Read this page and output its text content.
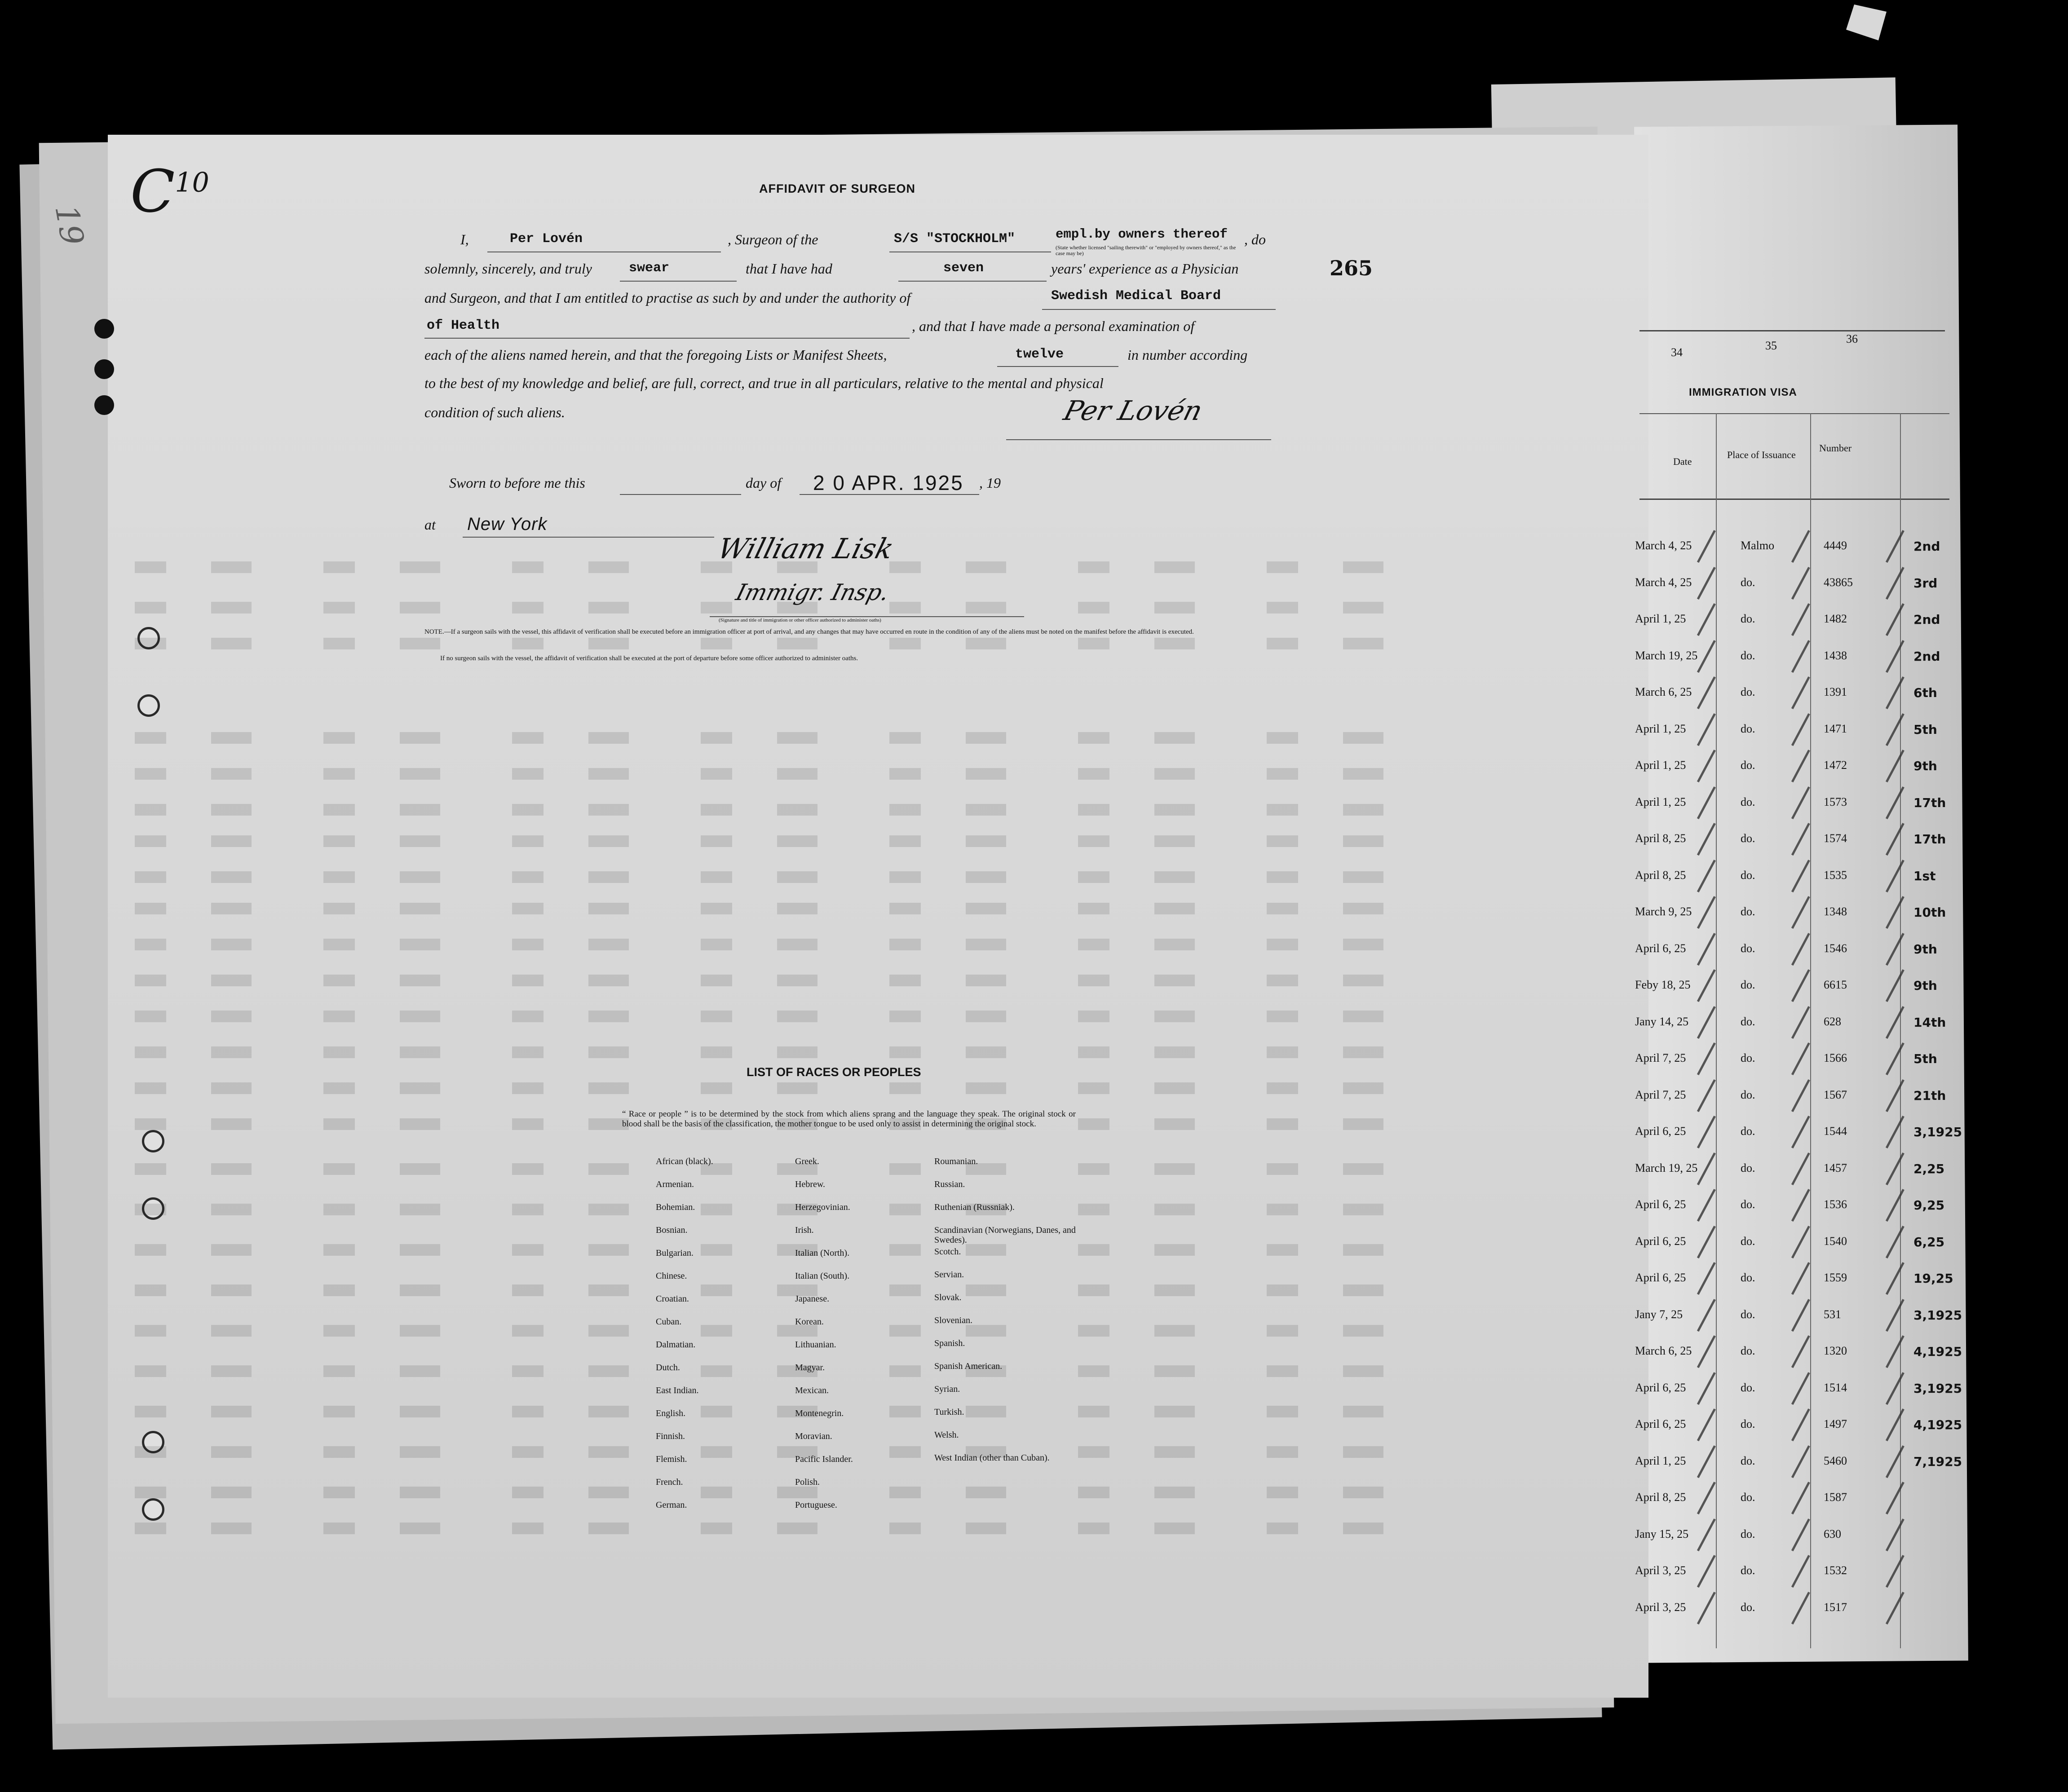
$C^{10}$
19
AFFIDAVIT OF SURGEON
265
I,	Per Lovén	, Surgeon of the	S/S "STOCKHOLM"	empl.by owners thereof , do
(State whether licensed "sailing therewith" or "employed by owners thereof," as the case may be)
solemnly, sincerely, and truly	swear	that I have had	seven	years' experience as a Physician
and Surgeon, and that I am entitled to practise as such by and under the authority of	Swedish Medical Board
of Health	, and that I have made a personal examination of
each of the aliens named herein, and that the foregoing Lists or Manifest Sheets,	twelve	in number according
to the best of my knowledge and belief, are full, correct, and true in all particulars, relative to the mental and physical
condition of such aliens.	Per Lovén
Sworn to before me this	day of 2 0 APR. 1925 , 19
at New York
William Lisk
Immigr. Insp.
(Signature and title of immigration or other officer authorized to administer oaths)
NOTE.—If a surgeon sails with the vessel, this affidavit of verification shall be executed before an immigration officer at port of arrival, and any changes that may have occurred en route in the condition of any of the aliens must be noted on the manifest before the affidavit is executed.
If no surgeon sails with the vessel, the affidavit of verification shall be executed at the port of departure before some officer authorized to administer oaths.
LIST OF RACES OR PEOPLES
“ Race or people ” is to be determined by the stock from which aliens sprang and the language they speak. The original stock or blood shall be the basis of the classification, the mother tongue to be used only to assist in determining the original stock.
African (black).
Armenian.
Bohemian.
Bosnian.
Bulgarian.
Chinese.
Croatian.
Cuban.
Dalmatian.
Dutch.
East Indian.
English.
Finnish.
Flemish.
French.
German.
Greek.
Hebrew.
Herzegovinian.
Irish.
Italian (North).
Italian (South).
Japanese.
Korean.
Lithuanian.
Magyar.
Mexican.
Montenegrin.
Moravian.
Pacific Islander.
Polish.
Portuguese.
Roumanian.
Russian.
Ruthenian (Russniak).
Scandinavian (Norwegians, Danes, and Swedes).
Scotch.
Servian.
Slovak.
Slovenian.
Spanish.
Spanish American.
Syrian.
Turkish.
Welsh.
West Indian (other than Cuban).
34
35
36
IMMIGRATION VISA
Date
Place of Issuance
Number
March 4, 25	Malmo	4449	2nd
March 4, 25	do.	43865	3rd
April 1, 25	do.	1482	2nd
March 19, 25	do.	1438	2nd
March 6, 25	do.	1391	6th
April 1, 25	do.	1471	5th
April 1, 25	do.	1472	9th
April 1, 25	do.	1573	17th
April 8, 25	do.	1574	17th
April 8, 25	do.	1535	1st
March 9, 25	do.	1348	10th
April 6, 25	do.	1546	9th
Feby 18, 25	do.	6615	9th
Jany 14, 25	do.	628	14th
April 7, 25	do.	1566	5th
April 7, 25	do.	1567	21th
April 6, 25	do.	1544	3,1925
March 19, 25	do.	1457	2,25
April 6, 25	do.	1536	9,25
April 6, 25	do.	1540	6,25
April 6, 25	do.	1559	19,25
Jany 7, 25	do.	531	3,1925
March 6, 25	do.	1320	4,1925
April 6, 25	do.	1514	3,1925
April 6, 25	do.	1497	4,1925
April 1, 25	do.	5460	7,1925
April 8, 25	do.	1587
Jany 15, 25	do.	630
April 3, 25	do.	1532
April 3, 25	do.	1517
